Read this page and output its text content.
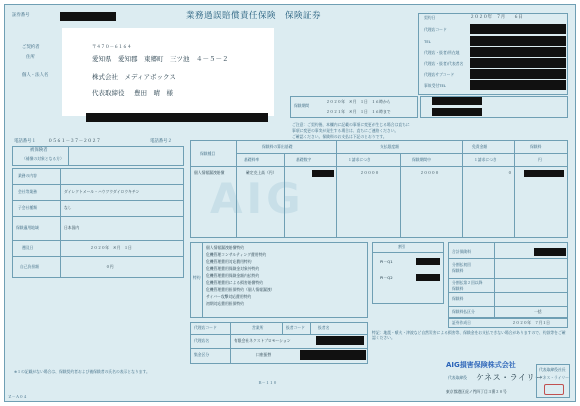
AIG
証券番号	業務過誤賠償責任保険　保険証券	契約日	２０２０年　７月　　６日
代理店コード
TEL
代理店・扱者/所在地
代理店・扱者/代表者名
代理店サブコード
事故受付TEL
ご契約者
住所
個人・法人名
〒４７０－６１６４
愛知県　愛知郡　東郷町　三ツ池　４－５－２
株式会社　メディアボックス
代表取締役 豊田　晴　様
保険期間
２０２０年　８月　１日　１６時から
２０２１年　８月　１日　１６時まで
ご注意：ご契約後、本欄内に記載の事項に変更が生じる場合は直ちに
事項に変更の事実が発生する場合は、直ちにご連絡ください。
ご確認ください。保険料のお支払は下記のとおりです。
電話番号１	０５６１－３７－２０２７	電話番号２
被保険者
（補償の対象となる方）
業務の内容
会社等業務	ダイレクトメール・ハウツウダイロウキチン
子会社種類	なし
保険適用地域	日本国内
遡及日	２０２０年　８月　１日
自己負担額	０円
保険種目
保険料の算出基礎	支払限度額	免責金額	保険料
基礎料率	基礎数字	１請求につき	保険期間中	１請求につき	円
個人情報漏洩賠償	確定売上高（円）	２００００	２００００	０
特約
個人情報漏洩賠償特約
危機管理コンサルティング費用特約
危機管理費用対応費用特約
危機管理費用保険金対象外特約
危機管理費用保険金額内払特約
危機管理費用による損害賠償特約
危機管理費用担保特約（個人情報漏洩）
サイバー攻撃対応費用特約
初期対応費用担保特約
割引
PI－Q1
PI－Q2
合計保険料
分割払初回
保険料
分割払第２回以降
保険料
保険料
保険料払区分	一括
証券作成日	２０２０年　７月１日
代理店コード	営業所	扱者コード	扱者名
代理店名	有限会社ネクストプロモーション
集金区分	口座振替
特記：地震・噴火・津波など自然災害による損害等、保険金をお支払できない場合がありますので、約款等をご確認ください。
AIG損害保険株式会社
代表取締役 ケネス・ライリー
東京都港区虎ノ門四丁目３番２０号
代表取締役社長
ケネス・ライリー
※１の記載がない場合は、保険契約者および被保険者の氏名の表示となります。
Ｂ－１１０
Ｚ－Ａ０４
